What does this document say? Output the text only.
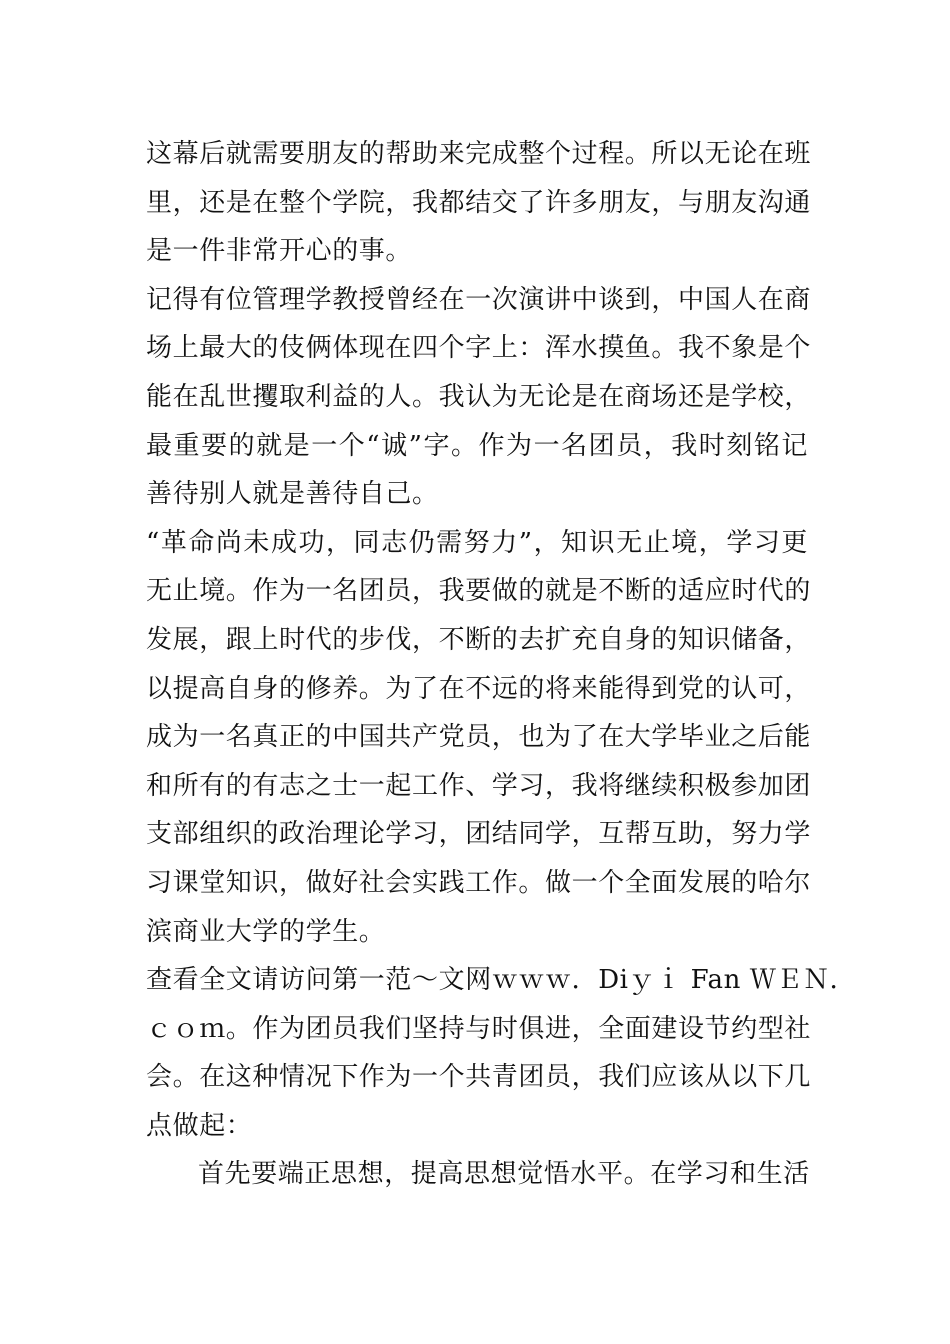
这幕后就需要朋友的帮助来完成整个过程。所以无论在班
里，还是在整个学院，我都结交了许多朋友，与朋友沟通
是一件非常开心的事。
记得有位管理学教授曾经在一次演讲中谈到，中国人在商
场上最大的伎俩体现在四个字上：浑水摸鱼。我不象是个
能在乱世攫取利益的人。我认为无论是在商场还是学校，
最重要的就是一个“诚”字。作为一名团员，我时刻铭记
善待别人就是善待自己。
“革命尚未成功，同志仍需努力”，知识无止境，学习更
无止境。作为一名团员，我要做的就是不断的适应时代的
发展，跟上时代的步伐，不断的去扩充自身的知识储备，
以提高自身的修养。为了在不远的将来能得到党的认可，
成为一名真正的中国共产党员，也为了在大学毕业之后能
和所有的有志之士一起工作、学习，我将继续积极参加团
支部组织的政治理论学习，团结同学，互帮互助，努力学
习课堂知识，做好社会实践工作。做一个全面发展的哈尔
滨商业大学的学生。
查看全文请访问第一范～文网ｗｗｗ．Diｙｉ Fan ＷＥＮ．
ｃｏｍ。作为团员我们坚持与时俱进，全面建设节约型社
会。在这种情况下作为一个共青团员，我们应该从以下几
点做起：
首先要端正思想，提高思想觉悟水平。在学习和生活
